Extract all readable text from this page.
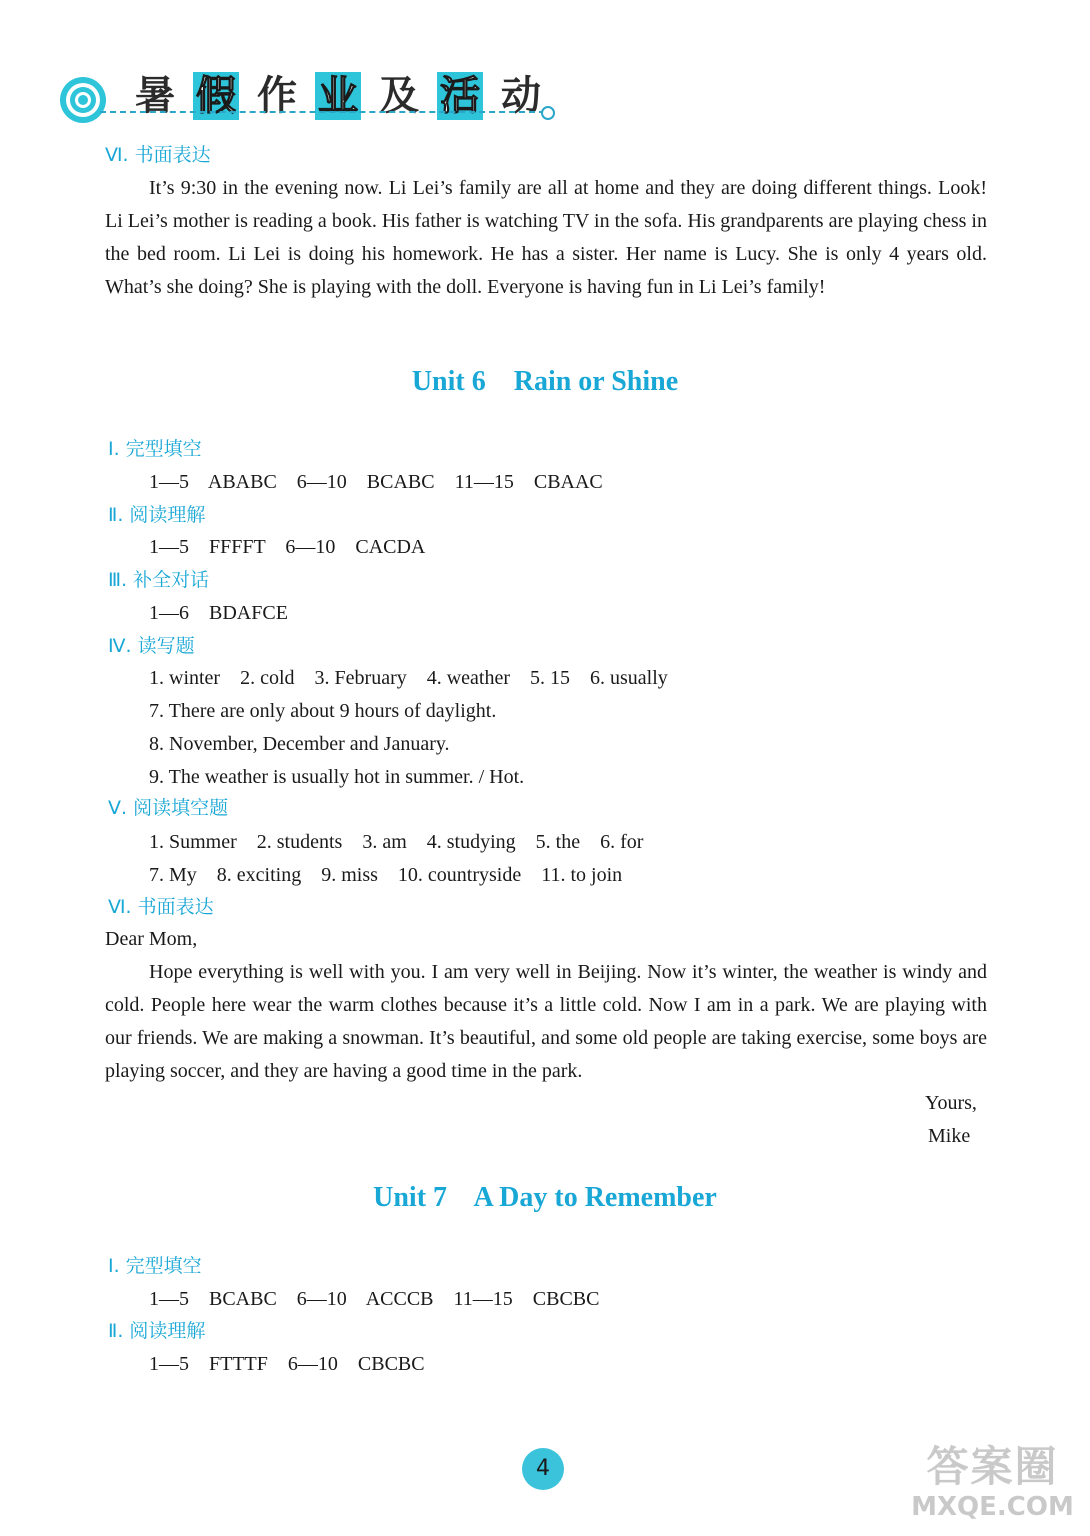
暑 假 作 业 及 活 动
Ⅵ. 书面表达
It’s 9:30 in the evening now. Li Lei’s family are all at home and they are doing different things. Look! Li Lei’s mother is reading a book. His father is watching TV in the sofa. His grandparents are playing chess in the bed room. Li Lei is doing his homework. He has a sister. Her name is Lucy. She is only 4 years old. What’s she doing? She is playing with the doll. Everyone is having fun in Li Lei’s family!
Unit 6    Rain or Shine
Ⅰ. 完型填空
1—5    ABABC    6—10    BCABC    11—15    CBAAC
Ⅱ. 阅读理解
1—5    FFFFT    6—10    CACDA
Ⅲ. 补全对话
1—6    BDAFCE
Ⅳ. 读写题
1. winter    2. cold    3. February    4. weather    5. 15    6. usually
7. There are only about 9 hours of daylight.
8. November, December and January.
9. The weather is usually hot in summer. / Hot.
Ⅴ. 阅读填空题
1. Summer    2. students    3. am    4. studying    5. the    6. for
7. My    8. exciting    9. miss    10. countryside    11. to join
Ⅵ. 书面表达
Dear Mom,
Hope everything is well with you. I am very well in Beijing. Now it’s winter, the weather is windy and cold. People here wear the warm clothes because it’s a little cold. Now I am in a park. We are playing with our friends. We are making a snowman. It’s beautiful, and some old people are taking exercise, some boys are playing soccer, and they are having a good time in the park.
Yours,
Mike
Unit 7    A Day to Remember
Ⅰ. 完型填空
1—5    BCABC    6—10    ACCCB    11—15    CBCBC
Ⅱ. 阅读理解
1—5    FTTTF    6—10    CBCBC
4	答案圈
MXQE.COM
